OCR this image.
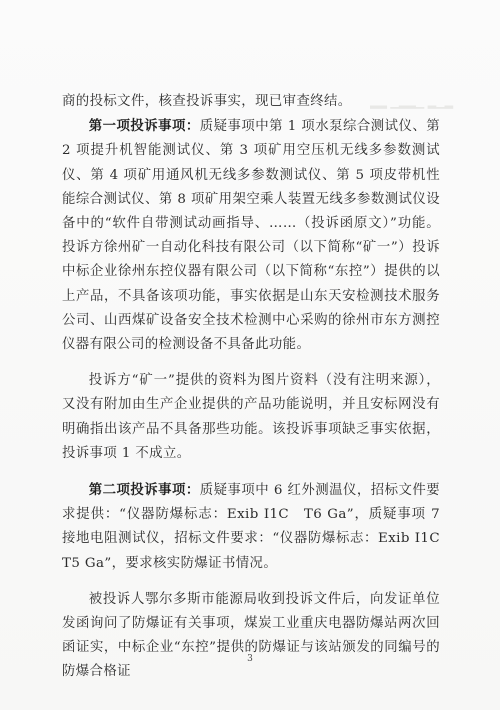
▂▂ ▁▂▂▁ ▂▁▂

商的投标文件，核查投诉事实，现已审查终结。

第一项投诉事项：质疑事项中第 1 项水泵综合测试仪、第 2 项提升机智能测试仪、第 3 项矿用空压机无线多参数测试仪、第 4 项矿用通风机无线多参数测试仪、第 5 项皮带机性能综合测试仪、第 8 项矿用架空乘人装置无线多参数测试仪设备中的“软件自带测试动画指导、……（投诉函原文）”功能。投诉方徐州矿一自动化科技有限公司（以下简称“矿一”）投诉中标企业徐州东控仪器有限公司（以下简称“东控”）提供的以上产品，不具备该项功能，事实依据是山东天安检测技术服务公司、山西煤矿设备安全技术检测中心采购的徐州市东方测控仪器有限公司的检测设备不具备此功能。

投诉方“矿一”提供的资料为图片资料（没有注明来源），又没有附加由生产企业提供的产品功能说明，并且安标网没有明确指出该产品不具备那些功能。该投诉事项缺乏事实依据，投诉事项 1 不成立。

第二项投诉事项：质疑事项中 6 红外测温仪，招标文件要求提供：“仪器防爆标志：Exib I1C　T6 Ga”，质疑事项 7 接地电阻测试仪，招标文件要求：“仪器防爆标志：Exib I1C　T5 Ga”，要求核实防爆证书情况。

被投诉人鄂尔多斯市能源局收到投诉文件后，向发证单位发函询问了防爆证有关事项，煤炭工业重庆电器防爆站两次回函证实，中标企业“东控”提供的防爆证与该站颁发的同编号的防爆合格证

3
